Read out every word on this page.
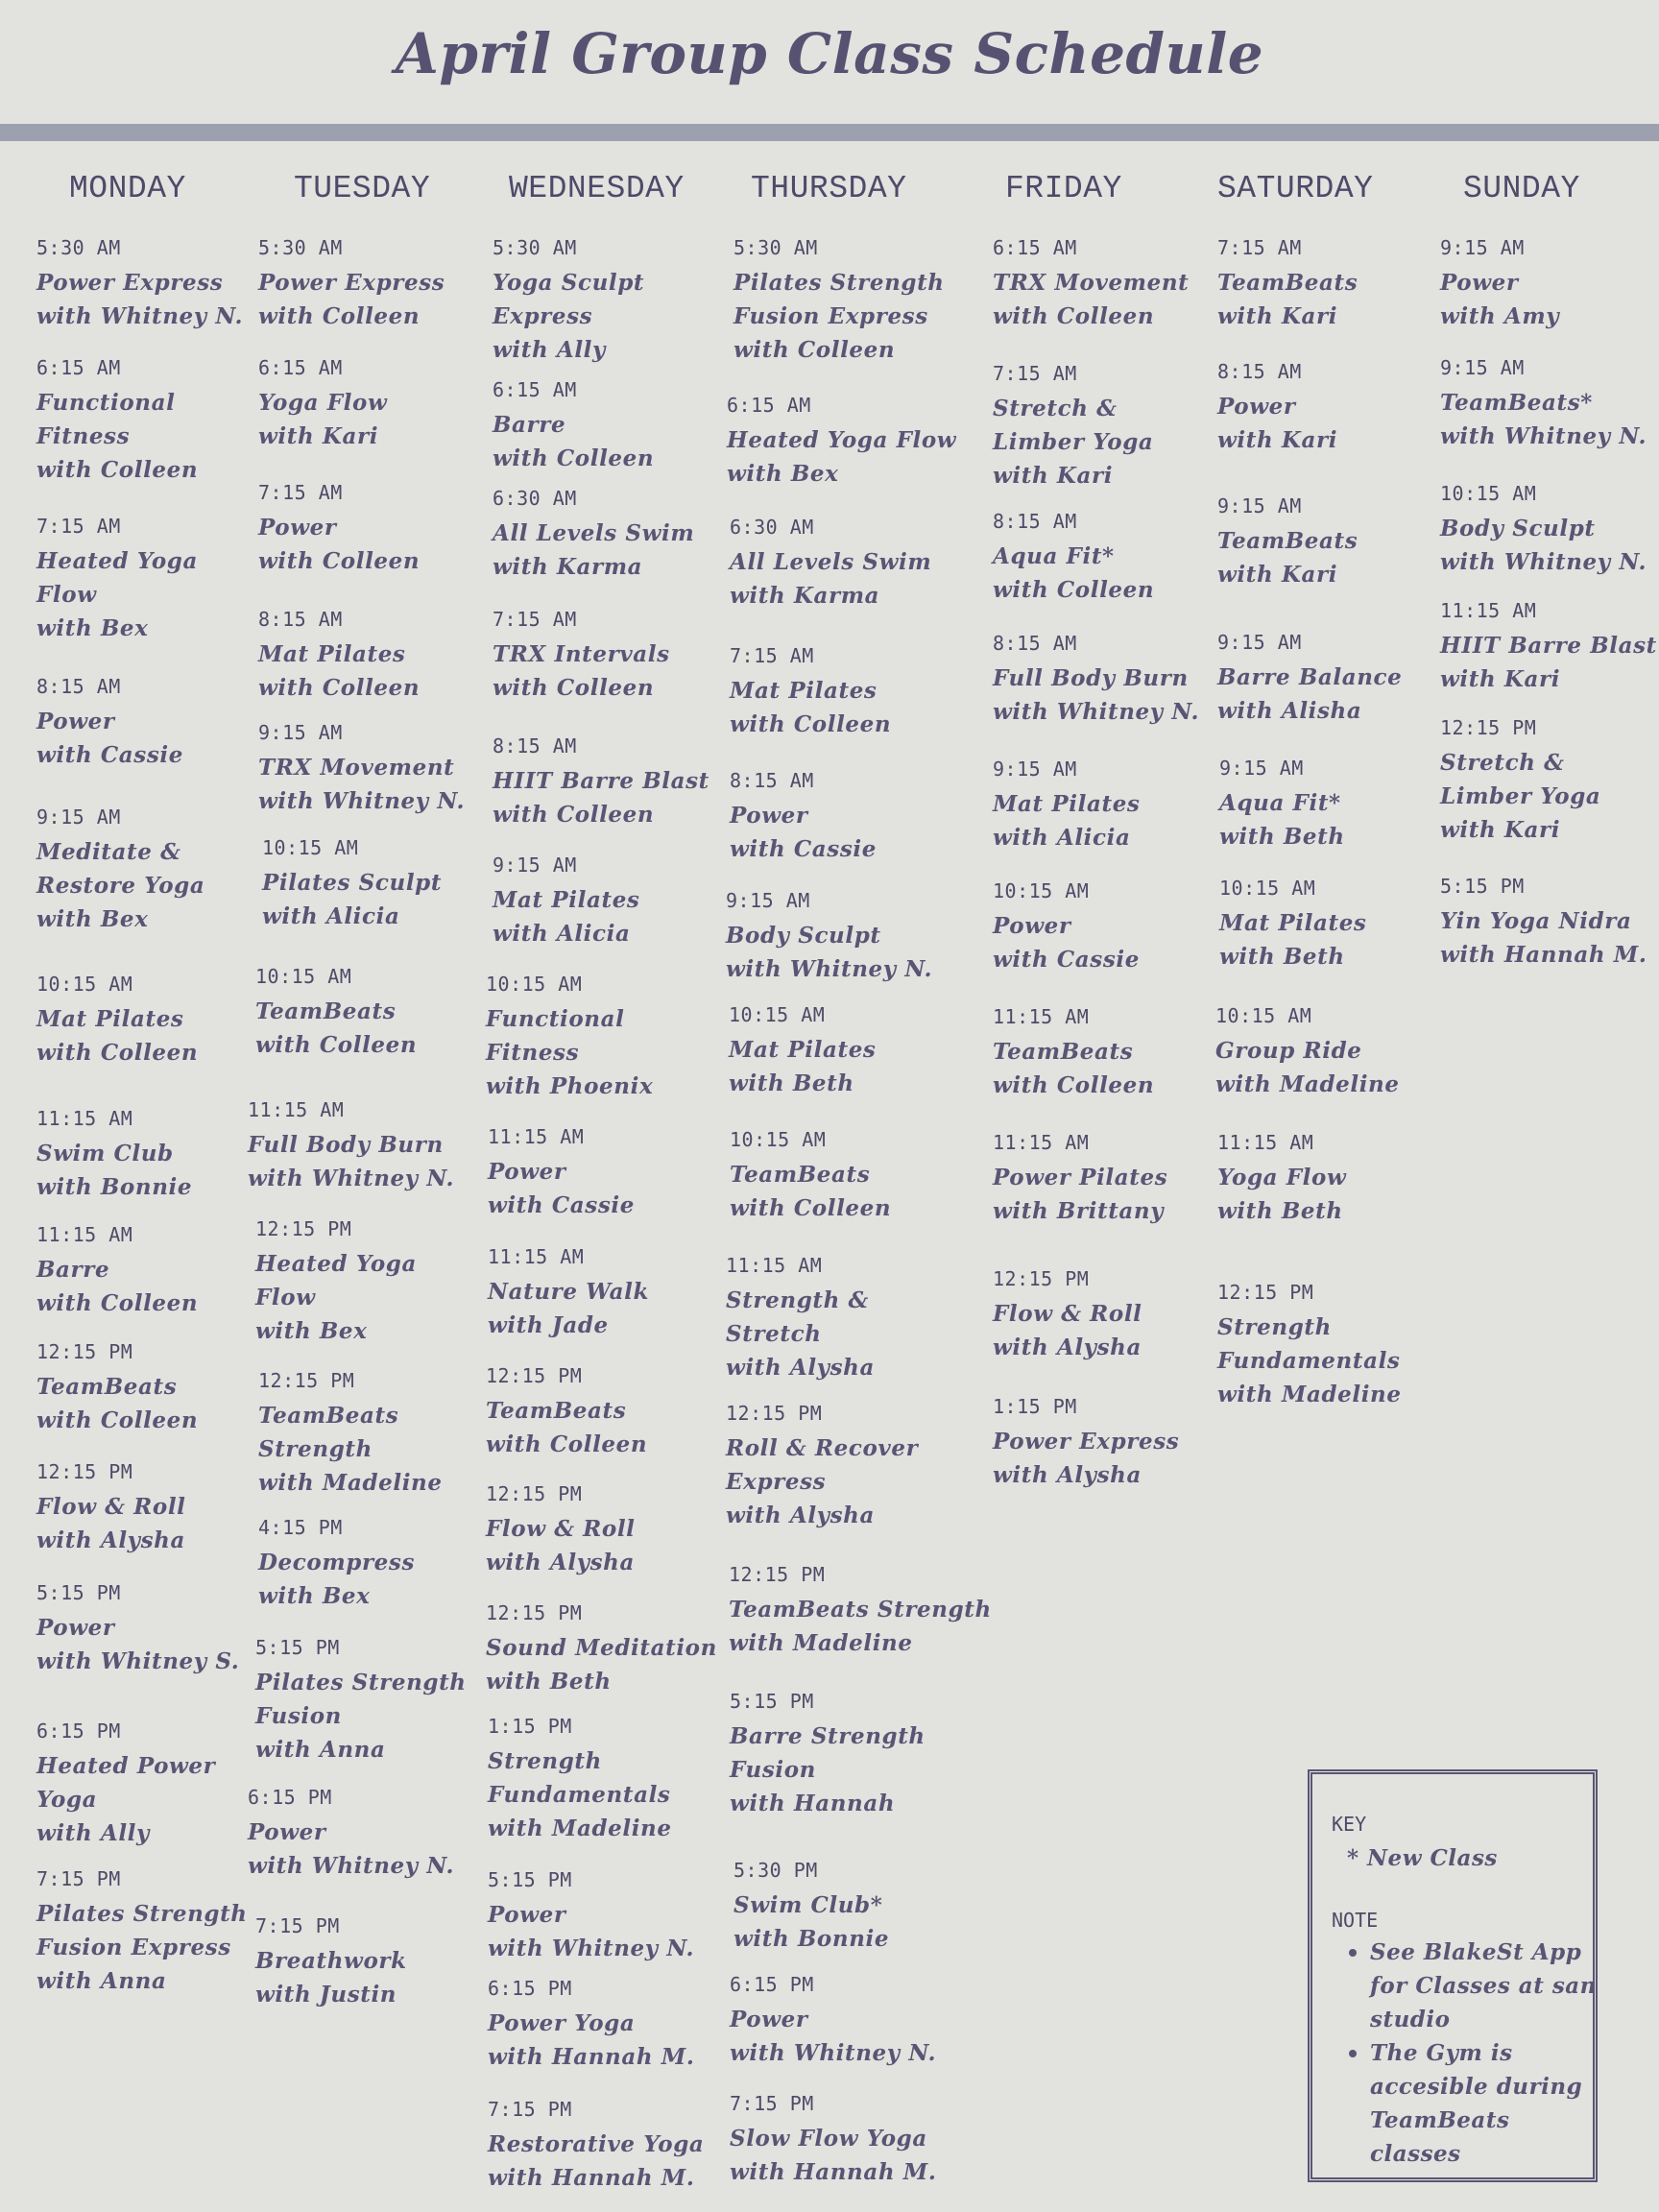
April Group Class Schedule
MONDAY
5:30 AM
Power Express
with Whitney N.
6:15 AM
Functional
Fitness
with Colleen
7:15 AM
Heated Yoga
Flow
with Bex
8:15 AM
Power
with Cassie
9:15 AM
Meditate &
Restore Yoga
with Bex
10:15 AM
Mat Pilates
with Colleen
11:15 AM
Swim Club
with Bonnie
11:15 AM
Barre
with Colleen
12:15 PM
TeamBeats
with Colleen
12:15 PM
Flow & Roll
with Alysha
5:15 PM
Power
with Whitney S.
6:15 PM
Heated Power
Yoga
with Ally
7:15 PM
Pilates Strength
Fusion Express
with Anna
TUESDAY
5:30 AM
Power Express
with Colleen
6:15 AM
Yoga Flow
with Kari
7:15 AM
Power
with Colleen
8:15 AM
Mat Pilates
with Colleen
9:15 AM
TRX Movement
with Whitney N.
10:15 AM
Pilates Sculpt
with Alicia
10:15 AM
TeamBeats
with Colleen
11:15 AM
Full Body Burn
with Whitney N.
12:15 PM
Heated Yoga
Flow
with Bex
12:15 PM
TeamBeats
Strength
with Madeline
4:15 PM
Decompress
with Bex
5:15 PM
Pilates Strength
Fusion
with Anna
6:15 PM
Power
with Whitney N.
7:15 PM
Breathwork
with Justin
WEDNESDAY
5:30 AM
Yoga Sculpt
Express
with Ally
6:15 AM
Barre
with Colleen
6:30 AM
All Levels Swim
with Karma
7:15 AM
TRX Intervals
with Colleen
8:15 AM
HIIT Barre Blast
with Colleen
9:15 AM
Mat Pilates
with Alicia
10:15 AM
Functional
Fitness
with Phoenix
11:15 AM
Power
with Cassie
11:15 AM
Nature Walk
with Jade
12:15 PM
TeamBeats
with Colleen
12:15 PM
Flow & Roll
with Alysha
12:15 PM
Sound Meditation
with Beth
1:15 PM
Strength
Fundamentals
with Madeline
5:15 PM
Power
with Whitney N.
6:15 PM
Power Yoga
with Hannah M.
7:15 PM
Restorative Yoga
with Hannah M.
THURSDAY
5:30 AM
Pilates Strength
Fusion Express
with Colleen
6:15 AM
Heated Yoga Flow
with Bex
6:30 AM
All Levels Swim
with Karma
7:15 AM
Mat Pilates
with Colleen
8:15 AM
Power
with Cassie
9:15 AM
Body Sculpt
with Whitney N.
10:15 AM
Mat Pilates
with Beth
10:15 AM
TeamBeats
with Colleen
11:15 AM
Strength &
Stretch
with Alysha
12:15 PM
Roll & Recover
Express
with Alysha
12:15 PM
TeamBeats Strength
with Madeline
5:15 PM
Barre Strength
Fusion
with Hannah
5:30 PM
Swim Club*
with Bonnie
6:15 PM
Power
with Whitney N.
7:15 PM
Slow Flow Yoga
with Hannah M.
FRIDAY
6:15 AM
TRX Movement
with Colleen
7:15 AM
Stretch &
Limber Yoga
with Kari
8:15 AM
Aqua Fit*
with Colleen
8:15 AM
Full Body Burn
with Whitney N.
9:15 AM
Mat Pilates
with Alicia
10:15 AM
Power
with Cassie
11:15 AM
TeamBeats
with Colleen
11:15 AM
Power Pilates
with Brittany
12:15 PM
Flow & Roll
with Alysha
1:15 PM
Power Express
with Alysha
SATURDAY
7:15 AM
TeamBeats
with Kari
8:15 AM
Power
with Kari
9:15 AM
TeamBeats
with Kari
9:15 AM
Barre Balance
with Alisha
9:15 AM
Aqua Fit*
with Beth
10:15 AM
Mat Pilates
with Beth
10:15 AM
Group Ride
with Madeline
11:15 AM
Yoga Flow
with Beth
12:15 PM
Strength
Fundamentals
with Madeline
SUNDAY
9:15 AM
Power
with Amy
9:15 AM
TeamBeats*
with Whitney N.
10:15 AM
Body Sculpt
with Whitney N.
11:15 AM
HIIT Barre Blast
with Kari
12:15 PM
Stretch &
Limber Yoga
with Kari
5:15 PM
Yin Yoga Nidra
with Hannah M.
KEY
* New Class
NOTE
See BlakeSt App for Classes at san studio
The Gym is accesible during TeamBeats classes
